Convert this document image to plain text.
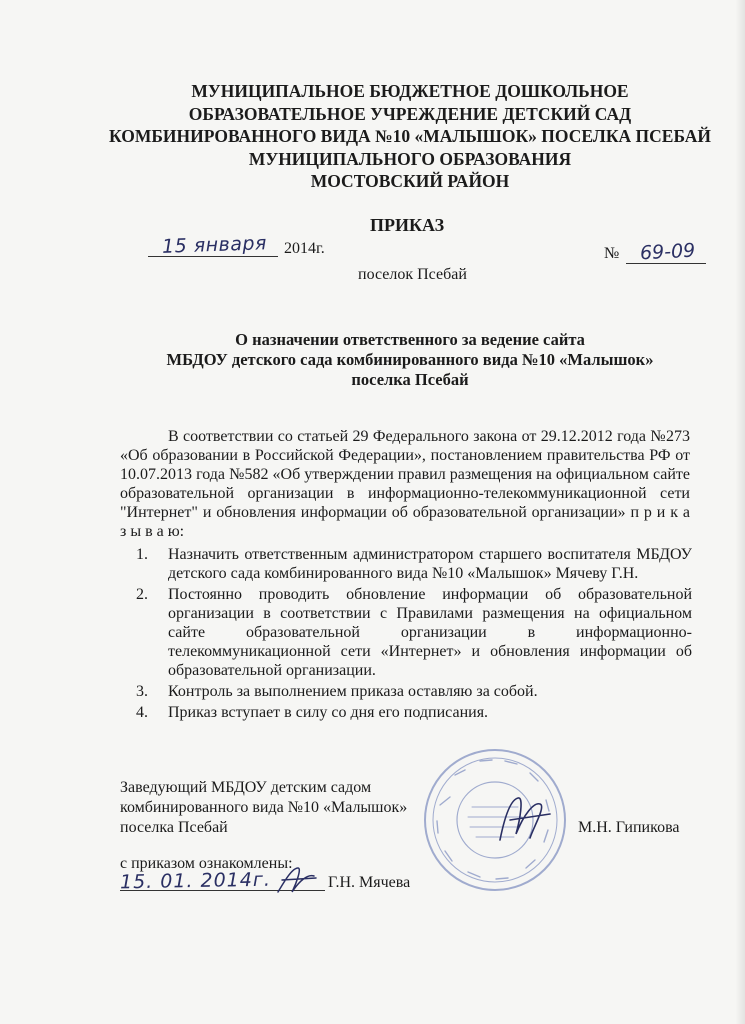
МУНИЦИПАЛЬНОЕ БЮДЖЕТНОЕ ДОШКОЛЬНОЕ
ОБРАЗОВАТЕЛЬНОЕ УЧРЕЖДЕНИЕ ДЕТСКИЙ САД
КОМБИНИРОВАННОГО ВИДА №10 «МАЛЫШОК» ПОСЕЛКА ПСЕБАЙ
МУНИЦИПАЛЬНОГО ОБРАЗОВАНИЯ
МОСТОВСКИЙ РАЙОН
ПРИКАЗ
15 января 2014г.	№ 69-09
поселок Псебай
О назначении ответственного за ведение сайта
МБДОУ детского сада комбинированного вида №10 «Малышок»
поселка Псебай
В соответствии со статьей 29 Федерального закона от 29.12.2012 года №273 «Об образовании в Российской Федерации», постановлением правительства РФ от 10.07.2013 года №582 «Об утверждении правил размещения на официальном сайте образовательной организации в информационно-телекоммуникационной сети "Интернет" и обновления информации об образовательной организации» п р и к а з ы в а ю:
1. Назначить ответственным администратором старшего воспитателя МБДОУ детского сада комбинированного вида №10 «Малышок» Мячеву Г.Н.
2. Постоянно проводить обновление информации об образовательной организации в соответствии с Правилами размещения на официальном сайте образовательной организации в информационно-телекоммуникационной сети «Интернет» и обновления информации об образовательной организации.
3. Контроль за выполнением приказа оставляю за собой.
4. Приказ вступает в силу со дня его подписания.
Заведующий МБДОУ детским садом
комбинированного вида №10 «Малышок»
поселка Псебай	М.Н. Гипикова
с приказом ознакомлены:
15. 01. 2014г.	Г.Н. Мячева
